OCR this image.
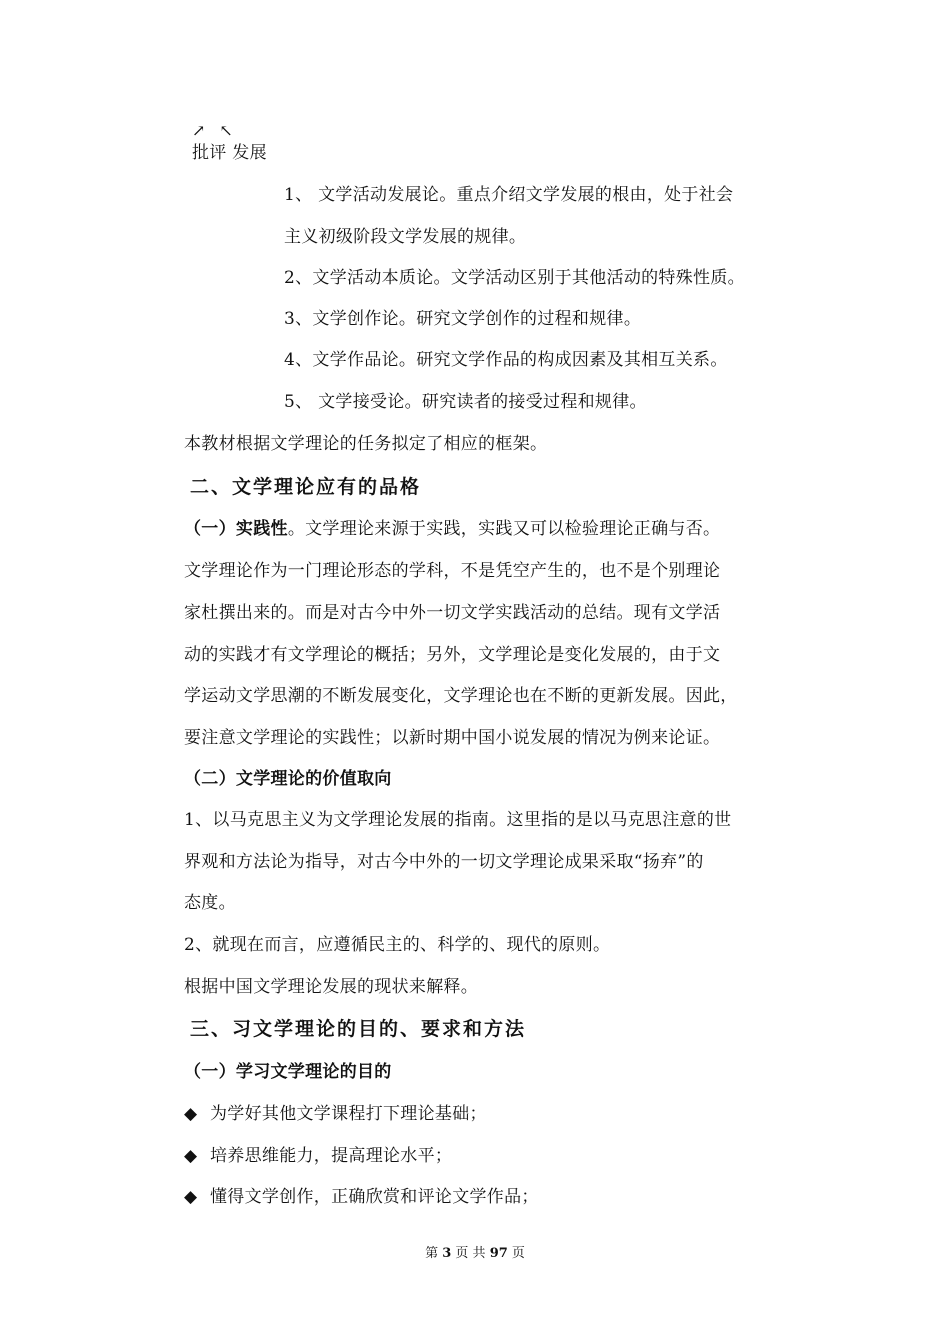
↗ ↖
批评 发展
1、 文学活动发展论。重点介绍文学发展的根由，处于社会
主义初级阶段文学发展的规律。
2、文学活动本质论。文学活动区别于其他活动的特殊性质。
3、文学创作论。研究文学创作的过程和规律。
4、文学作品论。研究文学作品的构成因素及其相互关系。
5、 文学接受论。研究读者的接受过程和规律。
本教材根据文学理论的任务拟定了相应的框架。
二、文学理论应有的品格
（一）实践性。文学理论来源于实践，实践又可以检验理论正确与否。
文学理论作为一门理论形态的学科，不是凭空产生的，也不是个别理论
家杜撰出来的。而是对古今中外一切文学实践活动的总结。现有文学活
动的实践才有文学理论的概括；另外，文学理论是变化发展的，由于文
学运动文学思潮的不断发展变化，文学理论也在不断的更新发展。因此，
要注意文学理论的实践性；以新时期中国小说发展的情况为例来论证。
（二）文学理论的价值取向
1、以马克思主义为文学理论发展的指南。这里指的是以马克思注意的世
界观和方法论为指导，对古今中外的一切文学理论成果采取“扬弃”的
态度。
2、就现在而言，应遵循民主的、科学的、现代的原则。
根据中国文学理论发展的现状来解释。
三、习文学理论的目的、要求和方法
（一）学习文学理论的目的
◆ 为学好其他文学课程打下理论基础；
◆ 培养思维能力，提高理论水平；
◆ 懂得文学创作，正确欣赏和评论文学作品；
第 3 页 共 97 页
